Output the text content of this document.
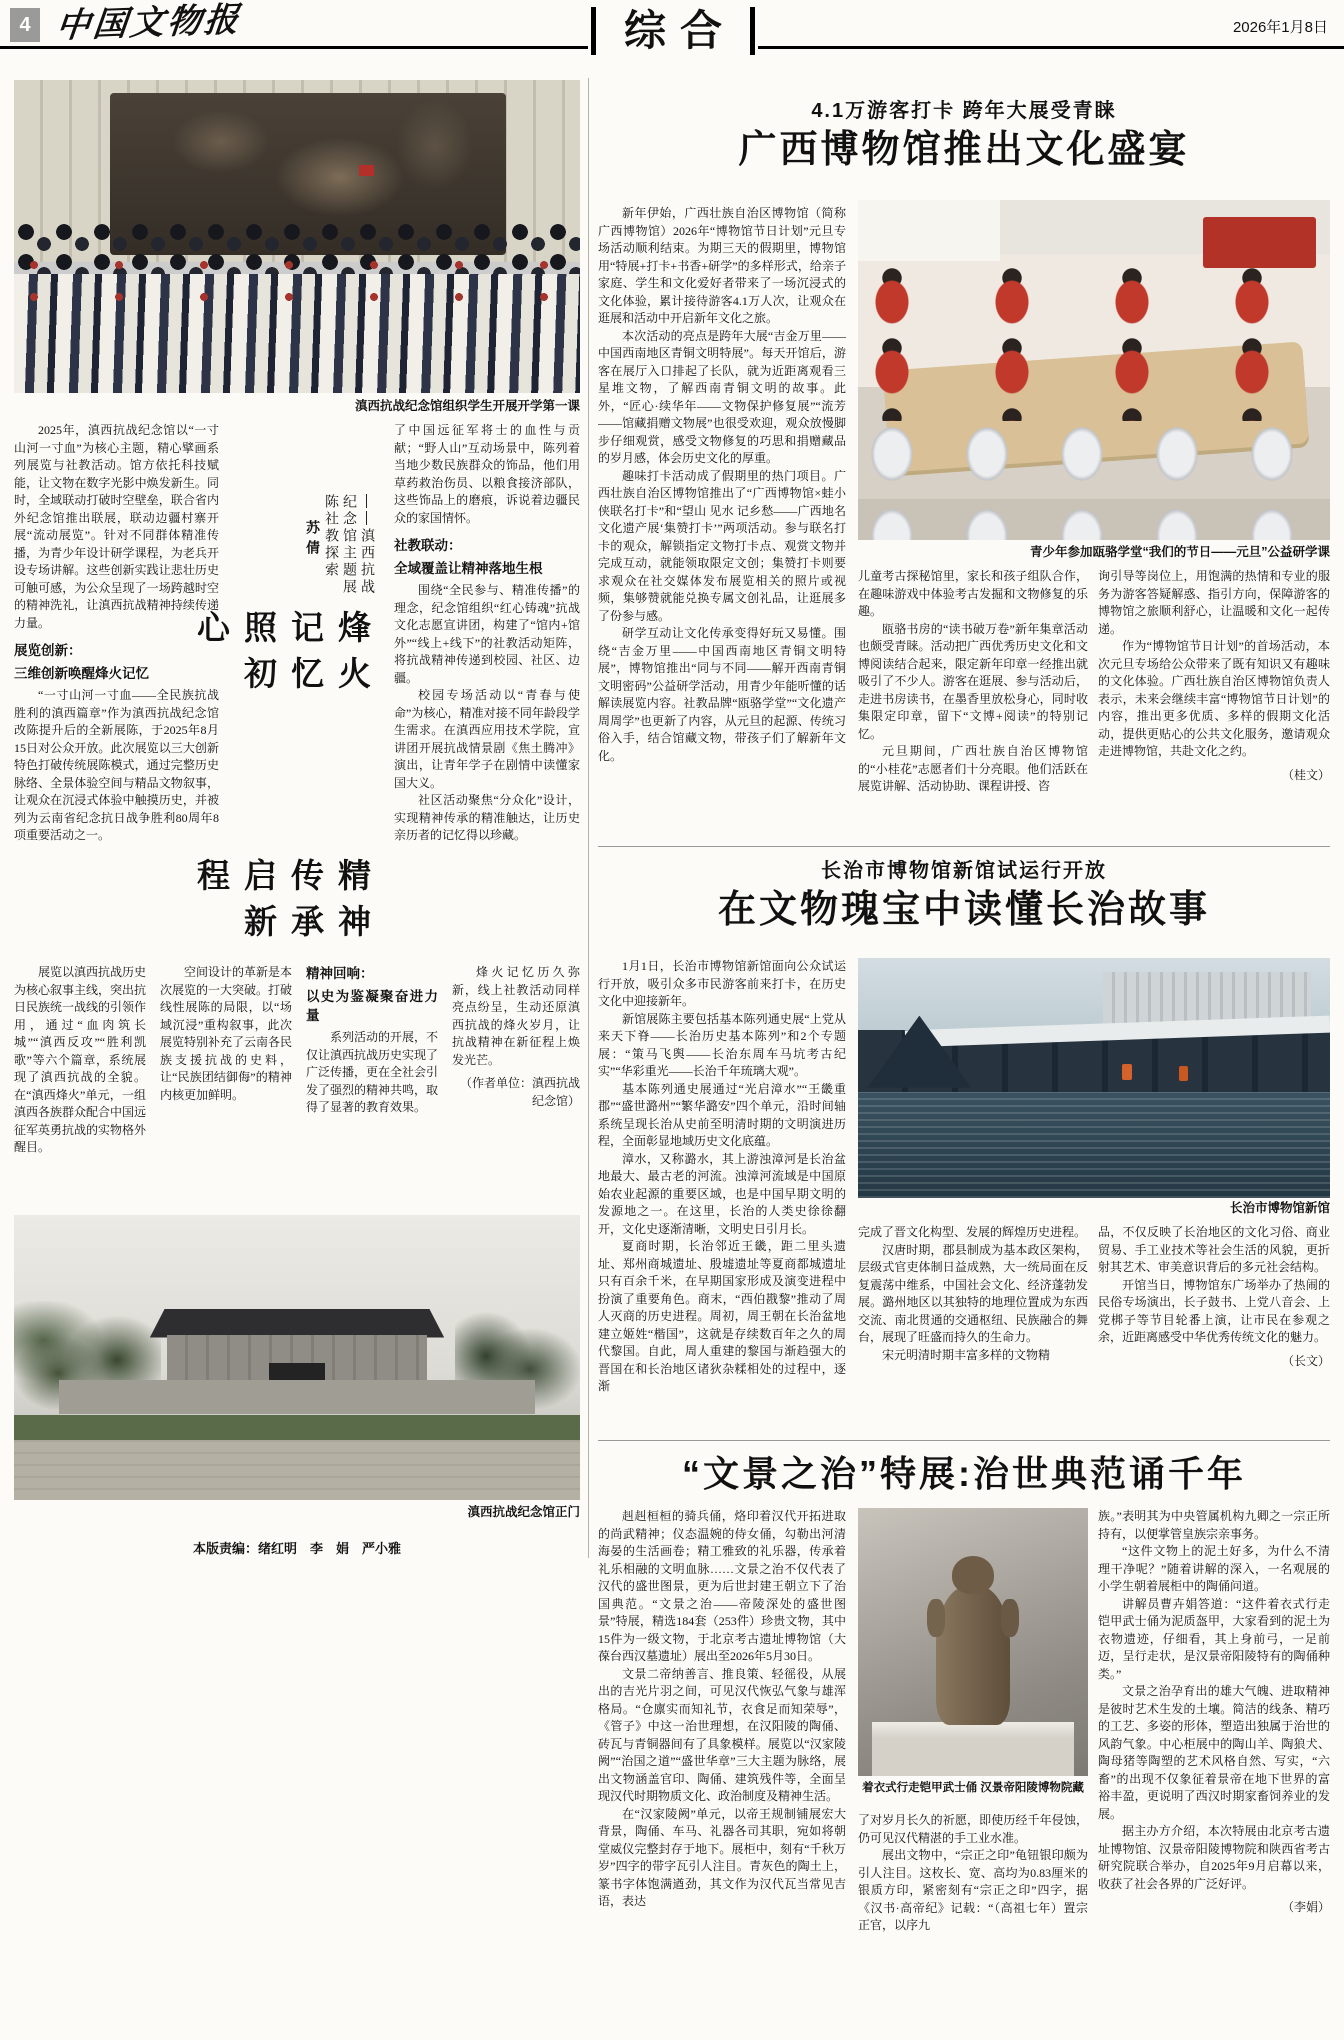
4 中国文物报	综合	2026年1月8日
滇西抗战纪念馆组织学生开展开学第一课

2025年，滇西抗战纪念馆以“一寸山河一寸血”为核心主题，精心擘画系列展览与社教活动。馆方依托科技赋能，让文物在数字光影中焕发新生。同时，全域联动打破时空壁垒，联合省内外纪念馆推出联展，联动边疆村寨开展“流动展览”。针对不同群体精准传播，为青少年设计研学课程，为老兵开设专场讲解。这些创新实践让悲壮历史可触可感，为公众呈现了一场跨越时空的精神洗礼，让滇西抗战精神持续传递力量。

展览创新：

三维创新唤醒烽火记忆

“一寸山河一寸血——全民族抗战胜利的滇西篇章”作为滇西抗战纪念馆改陈提升后的全新展陈，于2025年8月15日对公众开放。此次展览以三大创新特色打破传统展陈模式，通过完整历史脉络、全景体验空间与精品文物叙事，让观众在沉浸式体验中触摸历史，并被列为云南省纪念抗日战争胜利80周年8项重要活动之一。

——滇西抗战纪念馆主题展陈社教探索 苏倩
烽火记忆照初心
精神传承启新程

了中国远征军将士的血性与贡献；“野人山”互动场景中，陈列着当地少数民族群众的饰品，他们用草药救治伤员、以粮食接济部队，这些饰品上的磨痕，诉说着边疆民众的家国情怀。

社教联动：

全域覆盖让精神落地生根

围绕“全民参与、精准传播”的理念，纪念馆组织“红心铸魂”抗战文化志愿宣讲团，构建了“馆内+馆外”“线上+线下”的社教活动矩阵，将抗战精神传递到校园、社区、边疆。

校园专场活动以“青春与使命”为核心，精准对接不同年龄段学生需求。在滇西应用技术学院，宣讲团开展抗战情景剧《焦土腾冲》演出，让青年学子在剧情中读懂家国大义。

社区活动聚焦“分众化”设计，实现精神传承的精准触达，让历史亲历者的记忆得以珍藏。

展览以滇西抗战历史为核心叙事主线，突出抗日民族统一战线的引领作用，通过“血肉筑长城”“滇西反攻”“胜利凯歌”等六个篇章，系统展现了滇西抗战的全貌。在“滇西烽火”单元，一组滇西各族群众配合中国远征军英勇抗战的实物格外醒目。

空间设计的革新是本次展览的一大突破。打破线性展陈的局限，以“场域沉浸”重构叙事，此次展览特别补充了云南各民族支援抗战的史料，让“民族团结御侮”的精神内核更加鲜明。

精神回响：

以史为鉴凝聚奋进力量

系列活动的开展，不仅让滇西抗战历史实现了广泛传播，更在全社会引发了强烈的精神共鸣，取得了显著的教育效果。

烽火记忆历久弥新，线上社教活动同样亮点纷呈，生动还原滇西抗战的烽火岁月，让抗战精神在新征程上焕发光芒。

（作者单位：滇西抗战纪念馆）

滇西抗战纪念馆正门
本版责编：绪红明　李　娟　严小雅
4.1万游客打卡 跨年大展受青睐
广西博物馆推出文化盛宴
青少年参加瓯骆学堂“我们的节日——元旦”公益研学课

新年伊始，广西壮族自治区博物馆（简称广西博物馆）2026年“博物馆节日计划”元旦专场活动顺利结束。为期三天的假期里，博物馆用“特展+打卡+书香+研学”的多样形式，给亲子家庭、学生和文化爱好者带来了一场沉浸式的文化体验，累计接待游客4.1万人次，让观众在逛展和活动中开启新年文化之旅。

本次活动的亮点是跨年大展“吉金万里——中国西南地区青铜文明特展”。每天开馆后，游客在展厅入口排起了长队，就为近距离观看三星堆文物，了解西南青铜文明的故事。此外，“匠心·续华年——文物保护修复展”“流芳——馆藏捐赠文物展”也很受欢迎，观众放慢脚步仔细观赏，感受文物修复的巧思和捐赠藏品的岁月感，体会历史文化的厚重。

趣味打卡活动成了假期里的热门项目。广西壮族自治区博物馆推出了“广西博物馆×蛙小侠联名打卡”和“望山 见水 记乡愁——广西地名文化遗产展‘集赞打卡’”两项活动。参与联名打卡的观众，解锁指定文物打卡点、观赏文物并完成互动，就能领取限定文创；集赞打卡则要求观众在社交媒体发布展览相关的照片或视频，集够赞就能兑换专属文创礼品，让逛展多了份参与感。

研学互动让文化传承变得好玩又易懂。围绕“吉金万里——中国西南地区青铜文明特展”，博物馆推出“同与不同——解开西南青铜文明密码”公益研学活动，用青少年能听懂的话解读展览内容。社教品牌“瓯骆学堂”“文化遗产周周学”也更新了内容，从元旦的起源、传统习俗入手，结合馆藏文物，带孩子们了解新年文化。

儿童考古探秘馆里，家长和孩子组队合作，在趣味游戏中体验考古发掘和文物修复的乐趣。

瓯骆书房的“读书破万卷”新年集章活动也颇受青睐。活动把广西优秀历史文化和文博阅读结合起来，限定新年印章一经推出就吸引了不少人。游客在逛展、参与活动后，走进书房读书，在墨香里放松身心，同时收集限定印章，留下“文博+阅读”的特别记忆。

元旦期间，广西壮族自治区博物馆的“小桂花”志愿者们十分亮眼。他们活跃在展览讲解、活动协助、课程讲授、咨

询引导等岗位上，用饱满的热情和专业的服务为游客答疑解惑、指引方向，保障游客的博物馆之旅顺利舒心，让温暖和文化一起传递。

作为“博物馆节日计划”的首场活动，本次元旦专场给公众带来了既有知识又有趣味的文化体验。广西壮族自治区博物馆负责人表示，未来会继续丰富“博物馆节日计划”的内容，推出更多优质、多样的假期文化活动，提供更贴心的公共文化服务，邀请观众走进博物馆，共赴文化之约。

（桂文）

长治市博物馆新馆试运行开放
在文物瑰宝中读懂长治故事
长治市博物馆新馆

1月1日，长治市博物馆新馆面向公众试运行开放，吸引众多市民游客前来打卡，在历史文化中迎接新年。

新馆展陈主要包括基本陈列通史展“上党从来天下脊——长治历史基本陈列”和2个专题展：“策马飞舆——长治东周车马坑考古纪实”“华彩重光——长治千年琉璃大观”。

基本陈列通史展通过“光启漳水”“王畿重郡”“盛世潞州”“繁华潞安”四个单元，沿时间轴系统呈现长治从史前至明清时期的文明演进历程，全面彰显地域历史文化底蕴。

漳水，又称潞水，其上游浊漳河是长治盆地最大、最古老的河流。浊漳河流域是中国原始农业起源的重要区域，也是中国早期文明的发源地之一。在这里，长治的人类史徐徐翻开，文化史逐渐清晰，文明史日引月长。

夏商时期，长治邻近王畿，距二里头遗址、郑州商城遗址、殷墟遗址等夏商都城遗址只有百余千米，在早期国家形成及演变进程中扮演了重要角色。商末，“西伯戡黎”推动了周人灭商的历史进程。周初，周王朝在长治盆地建立姬姓“楷国”，这就是存续数百年之久的周代黎国。自此，周人重建的黎国与渐趋强大的晋国在和长治地区诸狄杂糅相处的过程中，逐渐

完成了晋文化构型、发展的辉煌历史进程。

汉唐时期，郡县制成为基本政区架构，层级式官吏体制日益成熟，大一统局面在反复震荡中维系，中国社会文化、经济蓬勃发展。潞州地区以其独特的地理位置成为东西交流、南北贯通的交通枢纽、民族融合的舞台，展现了旺盛而持久的生命力。

宋元明清时期丰富多样的文物精

品，不仅反映了长治地区的文化习俗、商业贸易、手工业技术等社会生活的风貌，更折射其艺术、审美意识背后的多元社会结构。

开馆当日，博物馆东广场举办了热闹的民俗专场演出，长子鼓书、上党八音会、上党梆子等节目轮番上演，让市民在参观之余，近距离感受中华优秀传统文化的魅力。

（长文）

“文景之治”特展:治世典范诵千年
着衣式行走铠甲武士俑 汉景帝阳陵博物院藏

赳赳桓桓的骑兵俑，烙印着汉代开拓进取的尚武精神；仪态温婉的侍女俑，勾勒出河清海晏的生活画卷；精工雅致的礼乐器，传承着礼乐相融的文明血脉……文景之治不仅代表了汉代的盛世图景，更为后世封建王朝立下了治国典范。“文景之治——帝陵深处的盛世图景”特展，精选184套（253件）珍贵文物，其中15件为一级文物，于北京考古遗址博物馆（大葆台西汉墓遗址）展出至2026年5月30日。

文景二帝纳善言、推良策、轻徭役，从展出的吉光片羽之间，可见汉代恢弘气象与雄浑格局。“仓廪实而知礼节，衣食足而知荣辱”，《管子》中这一治世理想，在汉阳陵的陶俑、砖瓦与青铜器间有了具象模样。展览以“汉家陵阙”“治国之道”“盛世华章”三大主题为脉络，展出文物涵盖官印、陶俑、建筑残件等，全面呈现汉代时期物质文化、政治制度及精神生活。

在“汉家陵阙”单元，以帝王规制铺展宏大背景，陶俑、车马、礼器各司其职，宛如将朝堂威仪完整封存于地下。展柜中，刻有“千秋万岁”四字的带字瓦引人注目。青灰色的陶土上，篆书字体饱满遒劲，其文作为汉代瓦当常见吉语，表达

了对岁月长久的祈愿，即使历经千年侵蚀，仍可见汉代精湛的手工业水准。

展出文物中，“宗正之印”龟钮银印颇为引人注目。这枚长、宽、高均为0.83厘米的银质方印，紧密刻有“宗正之印”四字，据《汉书·高帝纪》记载：“（高祖七年）置宗正官，以序九

族。”表明其为中央管属机构九卿之一宗正所持有，以便掌管皇族宗亲事务。

“这件文物上的泥土好多，为什么不清理干净呢？”随着讲解的深入，一名观展的小学生朝着展柜中的陶俑问道。

讲解员曹卉娟答道：“这件着衣式行走铠甲武士俑为泥质盔甲，大家看到的泥土为衣物遗迹，仔细看，其上身前弓，一足前迈，呈行走状，是汉景帝阳陵特有的陶俑种类。”

文景之治孕育出的雄大气魄、进取精神是彼时艺术生发的土壤。简洁的线条、精巧的工艺、多姿的形体，塑造出独属于治世的风韵气象。中心柜展中的陶山羊、陶狼犬、陶母猪等陶塑的艺术风格自然、写实，“六畜”的出现不仅象征着景帝在地下世界的富裕丰盈，更说明了西汉时期家畜饲养业的发展。

据主办方介绍，本次特展由北京考古遗址博物馆、汉景帝阳陵博物院和陕西省考古研究院联合举办，自2025年9月启幕以来，收获了社会各界的广泛好评。

（李娟）
